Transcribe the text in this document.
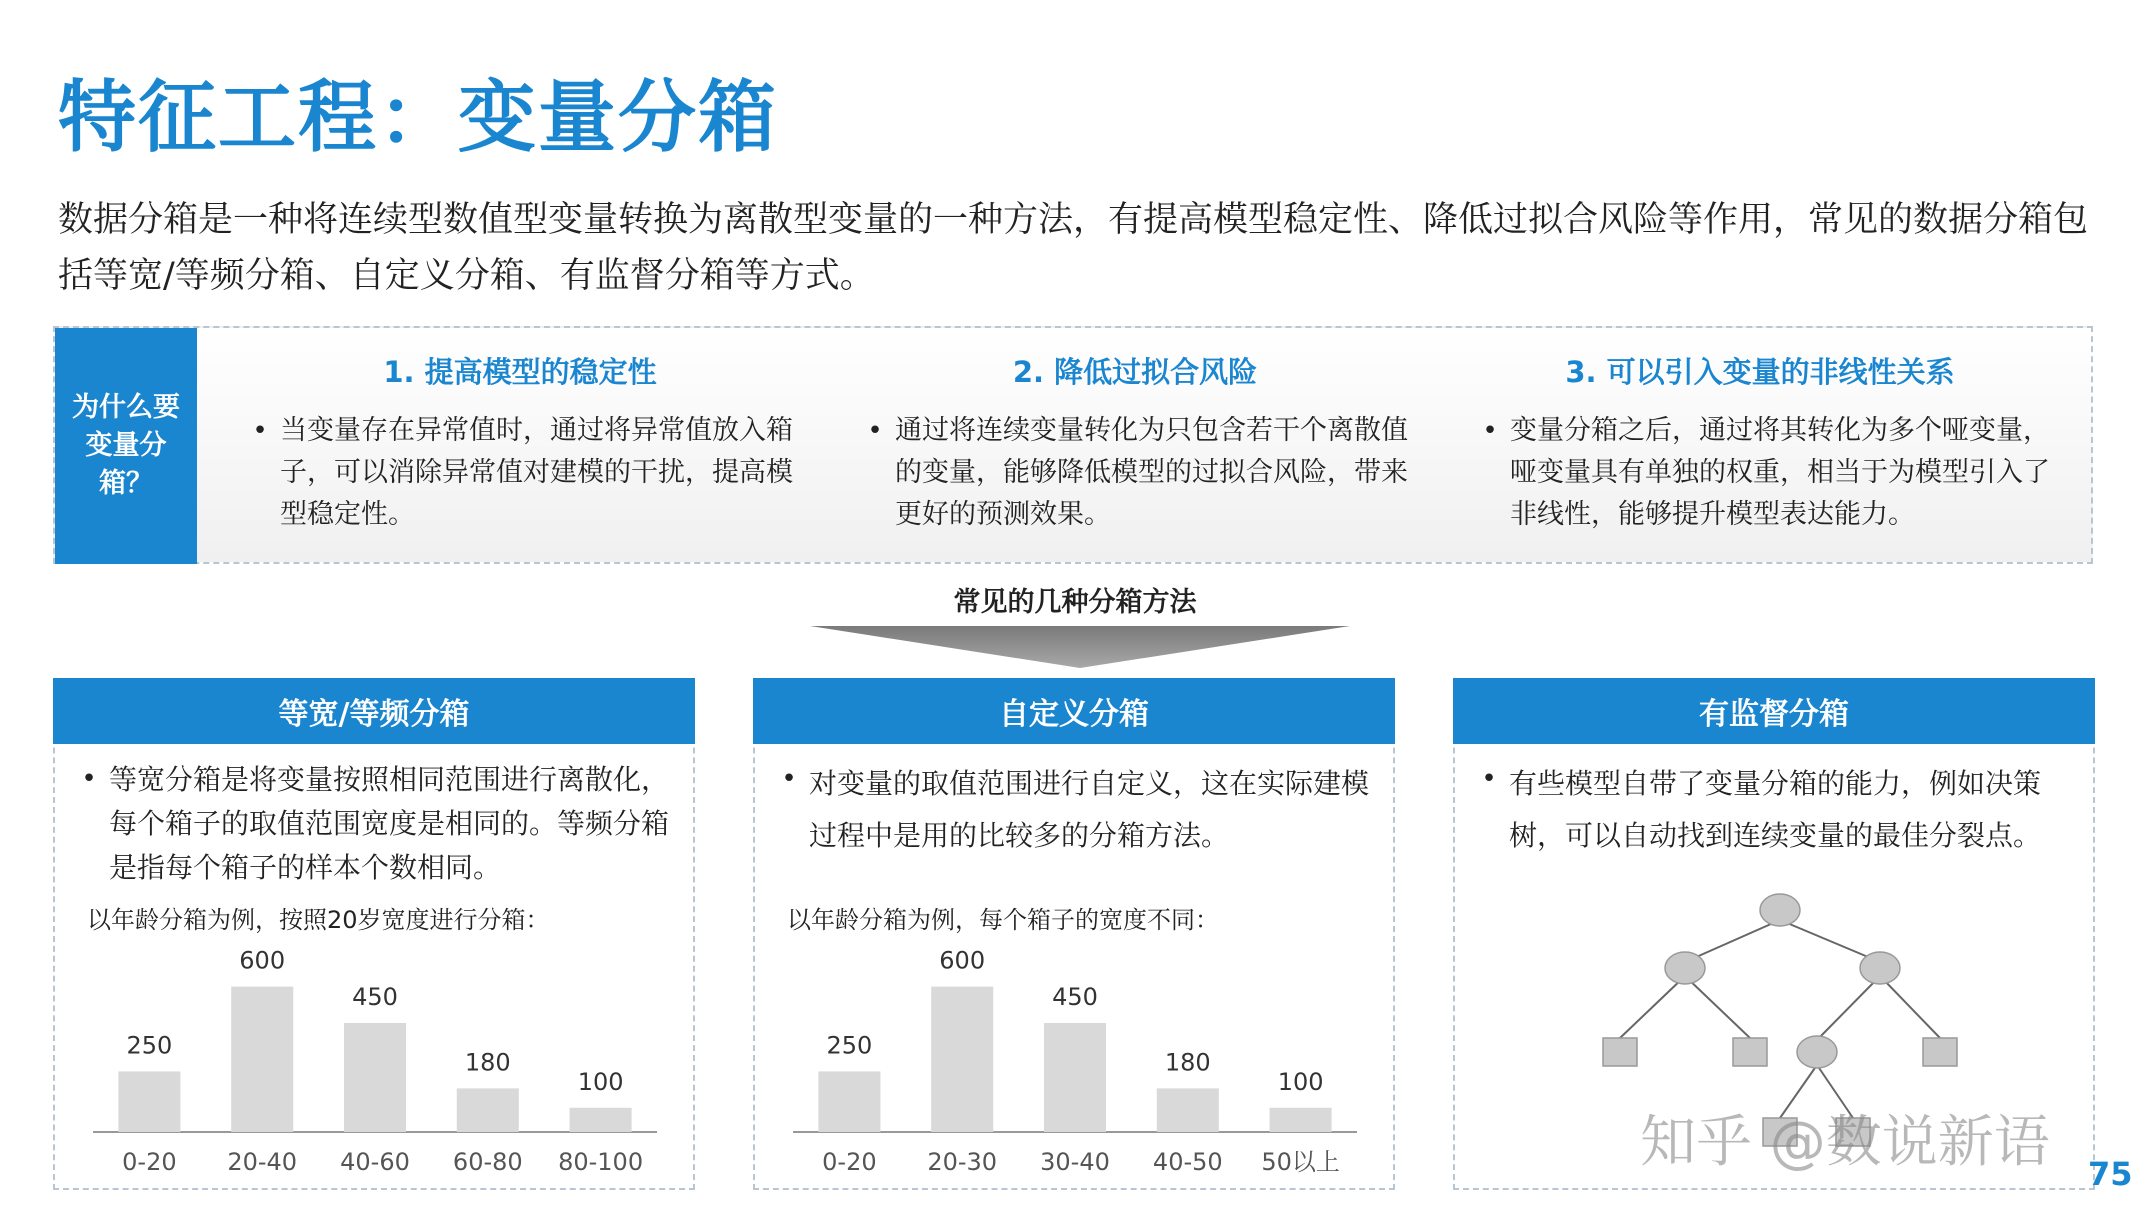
特征工程：变量分箱
数据分箱是一种将连续型数值型变量转换为离散型变量的一种方法，有提高模型稳定性、降低过拟合风险等作用，常见的数据分箱包括等宽/等频分箱、自定义分箱、有监督分箱等方式。
为什么要变量分箱？
1. 提高模型的稳定性
• 当变量存在异常值时，通过将异常值放入箱子，可以消除异常值对建模的干扰，提高模型稳定性。
2. 降低过拟合风险
• 通过将连续变量转化为只包含若干个离散值的变量，能够降低模型的过拟合风险，带来更好的预测效果。
3. 可以引入变量的非线性关系
• 变量分箱之后，通过将其转化为多个哑变量，哑变量具有单独的权重，相当于为模型引入了非线性，能够提升模型表达能力。
常见的几种分箱方法
等宽/等频分箱
• 等宽分箱是将变量按照相同范围进行离散化，每个箱子的取值范围宽度是相同的。等频分箱是指每个箱子的样本个数相同。
以年龄分箱为例，按照20岁宽度进行分箱：
250
0-20
600
20-40
450
40-60
180
60-80
100
80-100
自定义分箱
• 对变量的取值范围进行自定义，这在实际建模过程中是用的比较多的分箱方法。
以年龄分箱为例，每个箱子的宽度不同：
250
0-20
600
20-30
450
30-40
180
40-50
100
50以上
有监督分箱
• 有些模型自带了变量分箱的能力，例如决策树，可以自动找到连续变量的最佳分裂点。
知乎 @数说新语 75
